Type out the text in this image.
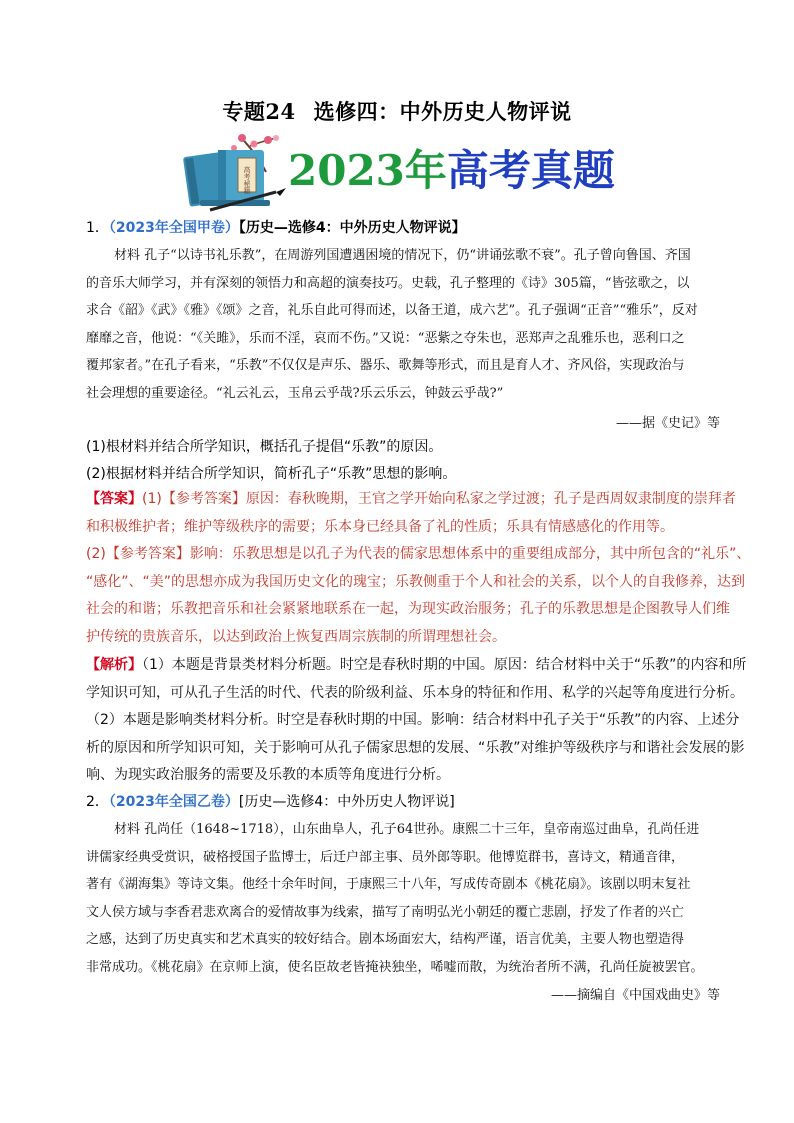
专题24 选修四：中外历史人物评说
高考秘籍 2023年高考真题
1．（2023年全国甲卷）【历史—选修4：中外历史人物评说】

材料 孔子“以诗书礼乐教”，在周游列国遭遇困境的情况下，仍“讲诵弦歌不衰”。孔子曾向鲁国、齐国

的音乐大师学习，并有深刻的领悟力和高超的演奏技巧。史载，孔子整理的《诗》305篇，“皆弦歌之，以

求合《韶》《武》《雅》《颂》之音，礼乐自此可得而述，以备王道，成六艺”。孔子强调“正音”“雅乐”，反对

靡靡之音，他说：“《关雎》，乐而不淫，哀而不伤。”又说：“恶紫之夺朱也，恶郑声之乱雅乐也，恶利口之

覆邦家者。”在孔子看来，“乐教”不仅仅是声乐、器乐、歌舞等形式，而且是育人才、齐风俗，实现政治与

社会理想的重要途径。“礼云礼云，玉帛云乎哉?乐云乐云，钟鼓云乎哉?”

——据《史记》等
(1)根材料并结合所学知识，概括孔子提倡“乐教”的原因。
(2)根据材料并结合所学知识，简析孔子“乐教”思想的影响。

【答案】(1)【参考答案】原因：春秋晚期，王官之学开始向私家之学过渡；孔子是西周奴隶制度的崇拜者

和积极维护者；维护等级秩序的需要；乐本身已经具备了礼的性质；乐具有情感感化的作用等。

(2)【参考答案】影响：乐教思想是以孔子为代表的儒家思想体系中的重要组成部分，其中所包含的“礼乐”、

“感化”、“美”的思想亦成为我国历史文化的瑰宝；乐教侧重于个人和社会的关系，以个人的自我修养，达到

社会的和谐；乐教把音乐和社会紧紧地联系在一起，为现实政治服务；孔子的乐教思想是企图教导人们维

护传统的贵族音乐，以达到政治上恢复西周宗族制的所谓理想社会。

【解析】（1）本题是背景类材料分析题。时空是春秋时期的中国。原因：结合材料中关于“乐教”的内容和所

学知识可知，可从孔子生活的时代、代表的阶级利益、乐本身的特征和作用、私学的兴起等角度进行分析。

（2）本题是影响类材料分析。时空是春秋时期的中国。影响：结合材料中孔子关于“乐教”的内容、上述分

析的原因和所学知识可知，关于影响可从孔子儒家思想的发展、“乐教”对维护等级秩序与和谐社会发展的影

响、为现实政治服务的需要及乐教的本质等角度进行分析。

2．（2023年全国乙卷）[历史—选修4：中外历史人物评说]

材料 孔尚任（1648~1718），山东曲阜人，孔子64世孙。康熙二十三年，皇帝南巡过曲阜，孔尚任进

讲儒家经典受赏识，破格授国子监博士，后迁户部主事、员外郎等职。他博览群书，喜诗文，精通音律，

著有《湖海集》等诗文集。他经十余年时间，于康熙三十八年，写成传奇剧本《桃花扇》。该剧以明末复社

文人侯方域与李香君悲欢离合的爱情故事为线索，描写了南明弘光小朝廷的覆亡悲剧，抒发了作者的兴亡

之感，达到了历史真实和艺术真实的较好结合。剧本场面宏大，结构严谨，语言优美，主要人物也塑造得

非常成功。《桃花扇》在京师上演，使名臣故老皆掩袂独坐，唏嘘而散，为统治者所不满，孔尚任旋被罢官。

——摘编自《中国戏曲史》等
